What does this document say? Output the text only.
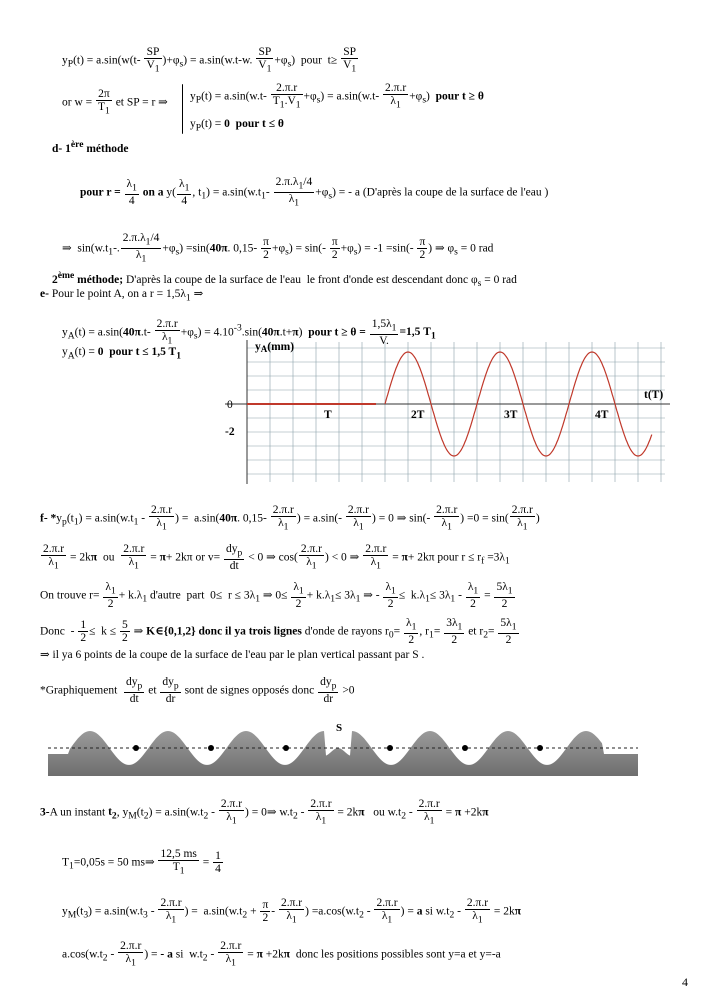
$y_P(t) = a.\sin(w(t- \frac{SP}{V_1} )+\varphi_s) = a.\sin(w.t-w$. $\frac{SP}{V_1} +\varphi_s$)  pour  $t\ge \frac{SP}{V_1}$
or $w = \frac{2\pi}{T_1}$ et SP = r ⇒ $y_P(t) = a.\sin(w.t- \frac{2.\pi.r}{T_1.V_1} +\varphi_s) = a.\sin(w.t- \frac{2.\pi.r}{\lambda_1} +\varphi_s)$  pour t ≥ θ
$y_P(t) = 0$  pour t ≤ θ
d- 1ère méthode
pour $r = \frac{\lambda_1}{4}$ on a $y( \frac{\lambda_1}{4}$ , $t_1) = a.\sin(w.t_1- \frac{2.\pi.\lambda_1/4}{\lambda_1} +\varphi_s)$ = - a (D'après la coupe de la surface de l'eau )
⇒  $\sin(w.t_1-$. $\frac{2.\pi.\lambda_1/4}{\lambda_1} +\varphi_s) =\sin(40\pi$. $0,15- \frac{\pi}{2} +\varphi_s) = \sin(- \frac{\pi}{2} +\varphi_s) = -1 =\sin(- \frac{\pi}{2}$ ) ⇒ $\varphi_s = 0$ rad
2ème méthode; D'après la coupe de la surface de l'eau  le front d'onde est descendant donc $\varphi_s = 0$ rad
e- Pour le point A, on a $r = 1,5\lambda_1$ ⇒
$y_A(t) = a.\sin(40\pi.t- \frac{2.\pi.r}{\lambda_1} +\varphi_s) = 4.10^{-3}.\sin(40\pi.t+\pi)$  pour $t \ge \theta = \frac{1,5\lambda_1}{V.} =1,5$ $T_1$
$y_A(t) = 0$  pour t ≤ 1,5 $T_1$
yA(mm)
t(T)
0
-2
T	2T	3T	4T
f- $*y_p(t_1) = a.\sin(w.t_1 - \frac{2.\pi.r}{\lambda_1}$ ) =  a.sin(40π. $0,15- \frac{2.\pi.r}{\lambda_1}$ ) = $a.\sin(- \frac{2.\pi.r}{\lambda_1}$ ) = 0 ⇒ $\sin(- \frac{2.\pi.r}{\lambda_1}$ ) $=0 = \sin( \frac{2.\pi.r}{\lambda_1}$ )
$\frac{2.\pi.r}{\lambda_1} = 2k\pi$  ou $\frac{2.\pi.r}{\lambda_1} = \pi+ 2k\pi$ or $v= \frac{dy_p}{dt} < 0$ ⇒ $\cos( \frac{2.\pi.r}{\lambda_1}$ ) < 0 ⇒ $\frac{2.\pi.r}{\lambda_1} = \pi+ 2k\pi$ pour $r \le r_f =3\lambda_1$
On trouve $r= \frac{\lambda_1}{2} + k.\lambda_1$ d'autre  part  $0\le r \le 3\lambda_1$ ⇒ $0\le \frac{\lambda_1}{2} + k.\lambda_1\le 3\lambda_1$ ⇒ - $\frac{\lambda_1}{2} \le k.\lambda_1\le 3\lambda_1 - \frac{\lambda_1}{2} = \frac{5\lambda_1}{2}$
Donc  - $\frac{1}{2} \le k \le \frac{5}{2}$ ⇒ K∈{0,1,2} donc il ya trois lignes d'onde de rayons $r_0= \frac{\lambda_1}{2}$ , $r_1= \frac{3\lambda_1}{2}$ et $r_2= \frac{5\lambda_1}{2}$
⇒ il ya 6 points de la coupe de la surface de l'eau par le plan vertical passant par S .
*Graphiquement $\frac{dy_p}{dt}$ et $\frac{dy_p}{dr}$ sont de signes opposés donc $\frac{dy_p}{dr} >0$
S
3-A un instant $t_2$, $y_M(t_2) = a.\sin(w.t_2 - \frac{2.\pi.r}{\lambda_1}$ ) = 0⇒ $w.t_2 - \frac{2.\pi.r}{\lambda_1} = 2k\pi$   ou $w.t_2 - \frac{2.\pi.r}{\lambda_1} = \pi +2k\pi$
$T_1=0,05s = 50$ ms⇒ $\frac{12,5 ms}{T_1} = \frac{1}{4}$
$y_M(t_3) = a.\sin(w.t_3 - \frac{2.\pi.r}{\lambda_1}$ ) =  $a.\sin(w.t_2 + \frac{\pi}{2} - \frac{2.\pi.r}{\lambda_1}$ ) $=a.\cos(w.t_2 - \frac{2.\pi.r}{\lambda_1}$ ) = a si $w.t_2 - \frac{2.\pi.r}{\lambda_1} = 2k\pi$
$a.\cos(w.t_2 - \frac{2.\pi.r}{\lambda_1}$ ) = - a si  $w.t_2 - \frac{2.\pi.r}{\lambda_1} = \pi +2k\pi$  donc les positions possibles sont y=a et y=-a
4
